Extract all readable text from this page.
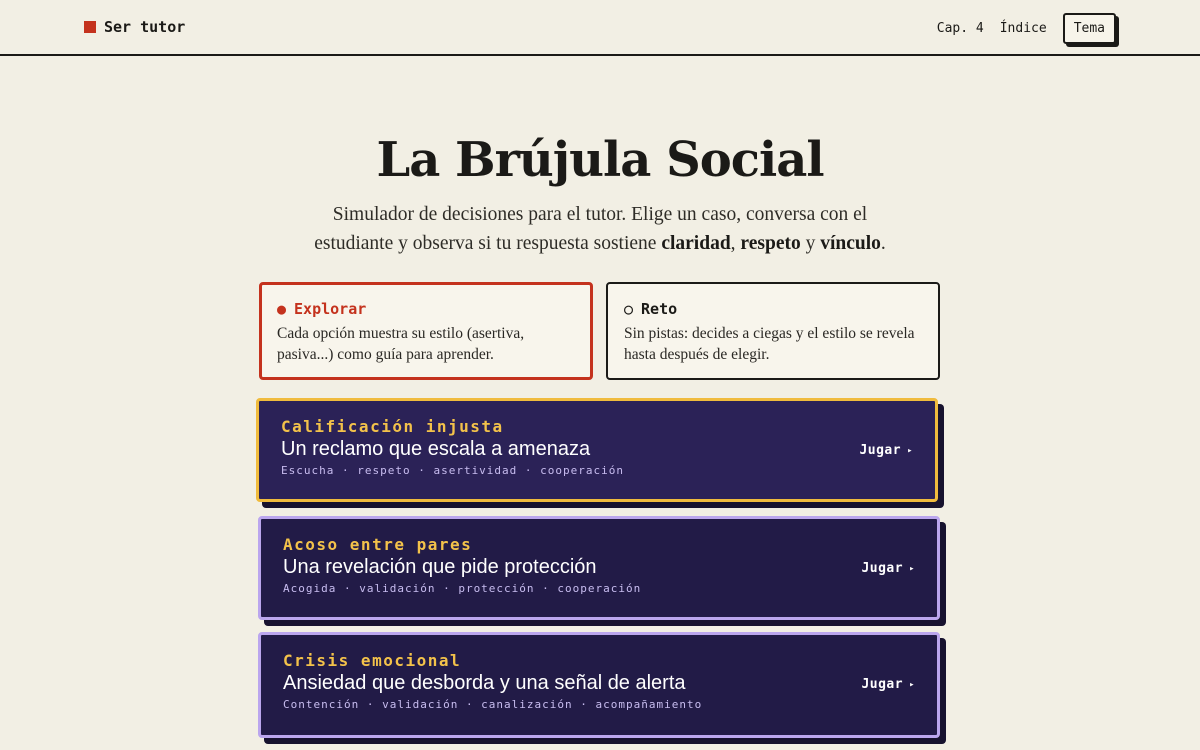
Ser tutor	Cap. 4 Índice	Tema
La Brújula Social

Simulador de decisiones para el tutor. Elige un caso, conversa con el estudiante y observa si tu respuesta sostiene claridad, respeto y vínculo.

● Explorar
Cada opción muestra su estilo (asertiva, pasiva...) como guía para aprender.
○ Reto
Sin pistas: decides a ciegas y el estilo se revela hasta después de elegir.
Calificación injusta
Un reclamo que escala a amenaza
Escucha · respeto · asertividad · cooperación
Jugar ▸
Acoso entre pares
Una revelación que pide protección
Acogida · validación · protección · cooperación
Jugar ▸
Crisis emocional
Ansiedad que desborda y una señal de alerta
Contención · validación · canalización · acompañamiento
Jugar ▸
